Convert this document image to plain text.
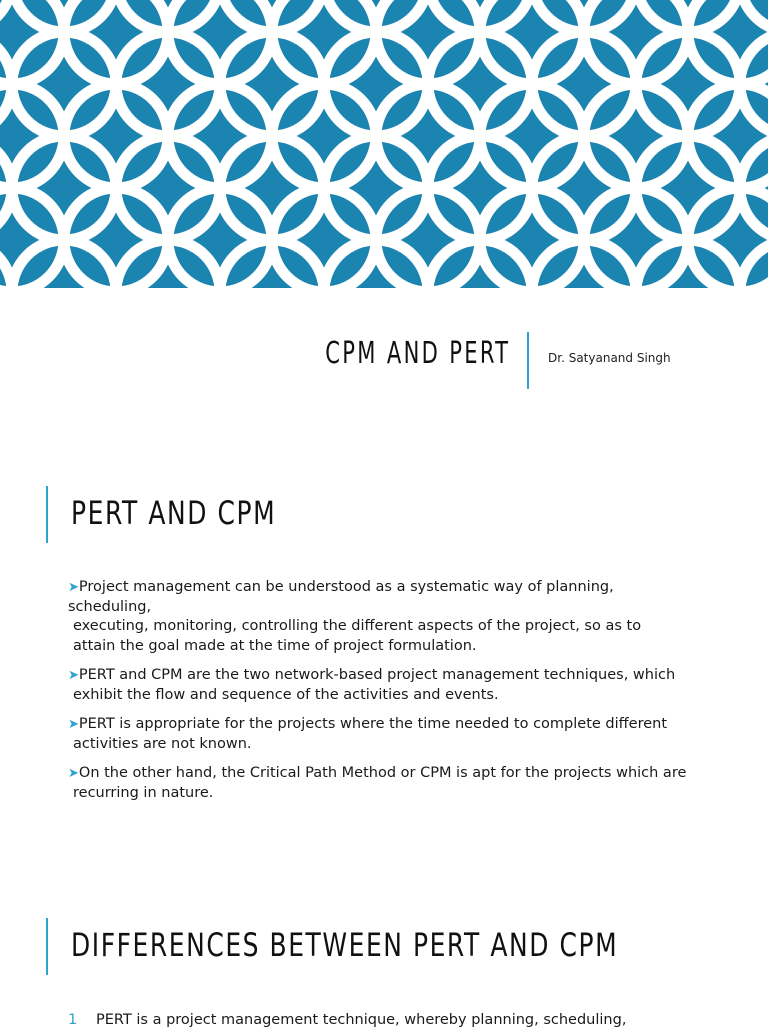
CPM AND PERT	Dr. Satyanand Singh
PERT AND CPM
➤Project management can be understood as a systematic way of planning, scheduling,
executing, monitoring, controlling the different aspects of the project, so as to attain the goal made at the time of project formulation.
➤PERT and CPM are the two network-based project management techniques, which
exhibit the flow and sequence of the activities and events.
➤PERT is appropriate for the projects where the time needed to complete different
activities are not known.
➤On the other hand, the Critical Path Method or CPM is apt for the projects which are
recurring in nature.
DIFFERENCES BETWEEN PERT AND CPM
1 PERT is a project management technique, whereby planning, scheduling,
